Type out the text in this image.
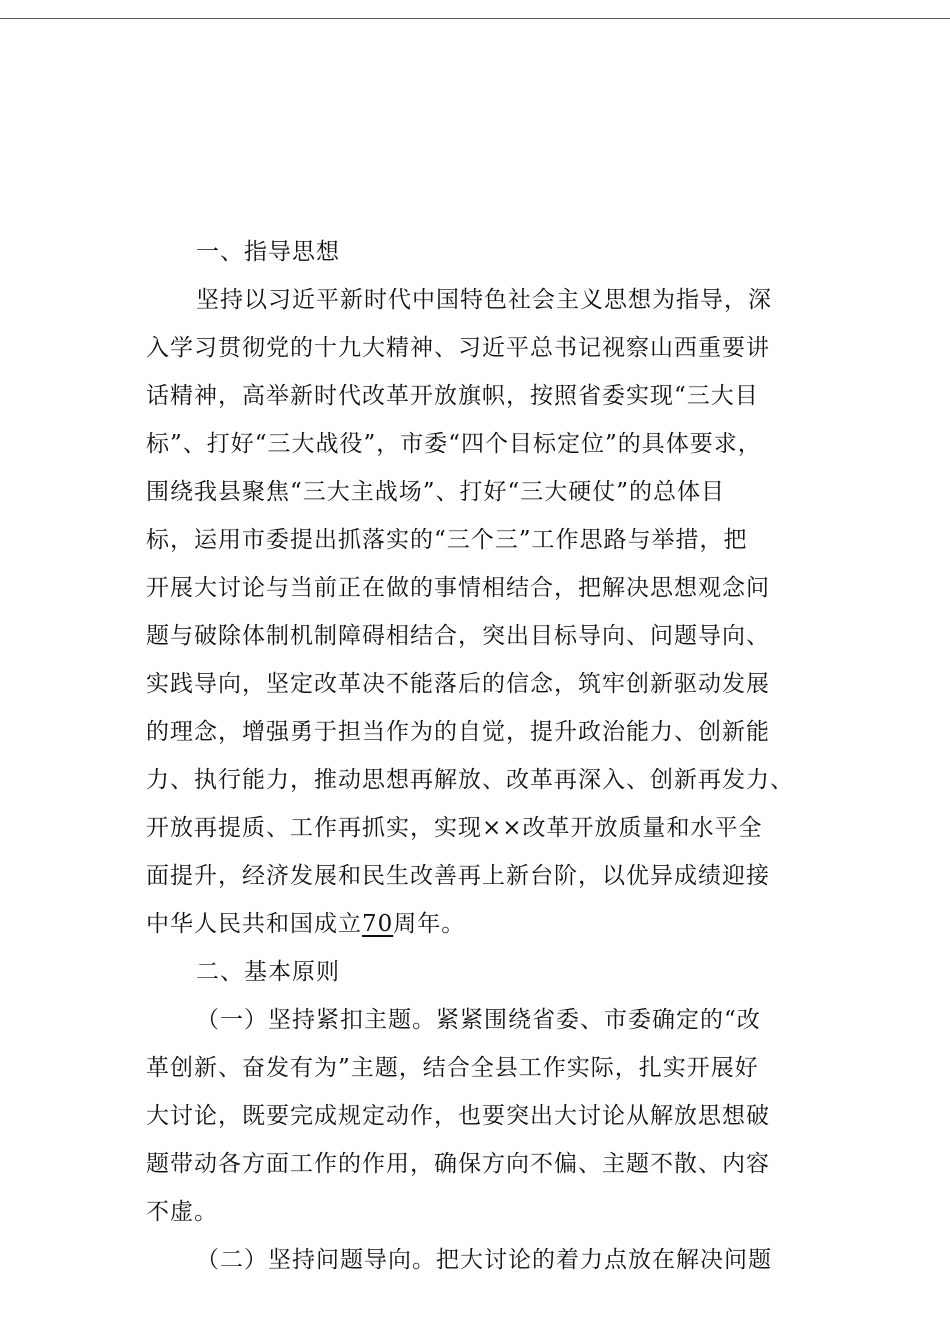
一、指导思想
坚持以习近平新时代中国特色社会主义思想为指导，深
入学习贯彻党的十九大精神、习近平总书记视察山西重要讲
话精神，高举新时代改革开放旗帜，按照省委实现“三大目
标”、打好“三大战役”，市委“四个目标定位”的具体要求，
围绕我县聚焦“三大主战场”、打好“三大硬仗”的总体目
标，运用市委提出抓落实的“三个三”工作思路与举措，把
开展大讨论与当前正在做的事情相结合，把解决思想观念问
题与破除体制机制障碍相结合，突出目标导向、问题导向、
实践导向，坚定改革决不能落后的信念，筑牢创新驱动发展
的理念，增强勇于担当作为的自觉，提升政治能力、创新能
力、执行能力，推动思想再解放、改革再深入、创新再发力、
开放再提质、工作再抓实，实现××改革开放质量和水平全
面提升，经济发展和民生改善再上新台阶，以优异成绩迎接
中华人民共和国成立70周年。
二、基本原则
（一）坚持紧扣主题。紧紧围绕省委、市委确定的“改
革创新、奋发有为”主题，结合全县工作实际，扎实开展好
大讨论，既要完成规定动作，也要突出大讨论从解放思想破
题带动各方面工作的作用，确保方向不偏、主题不散、内容
不虚。
（二）坚持问题导向。把大讨论的着力点放在解决问题
